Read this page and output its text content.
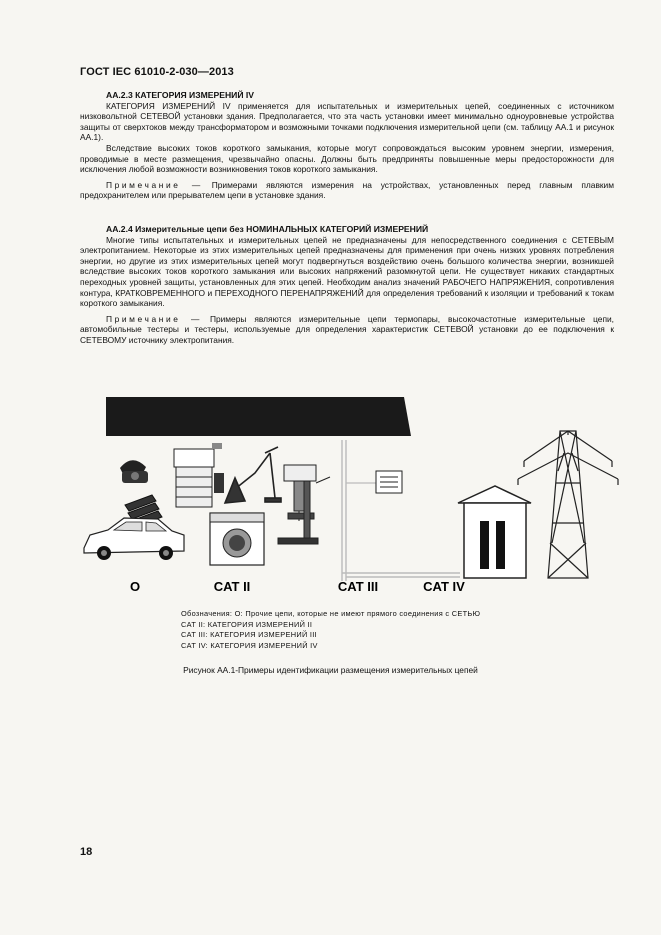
ГОСТ IEC 61010-2-030—2013
АА.2.3 КАТЕГОРИЯ ИЗМЕРЕНИЙ IV

КАТЕГОРИЯ ИЗМЕРЕНИЙ IV применяется для испытательных и измерительных цепей, соединенных с источником низковольтной СЕТЕВОЙ установки здания. Предполагается, что эта часть установки имеет минимально одноуровневые устройства защиты от сверхтоков между трансформатором и возможными точками подключения измерительной цепи (см. таблицу АА.1 и рисунок АА.1).

Вследствие высоких токов короткого замыкания, которые могут сопровождаться высоким уровнем энергии, измерения, проводимые в месте размещения, чрезвычайно опасны. Должны быть предприняты повышенные меры предосторожности для исключения любой возможности возникновения токов короткого замыкания.

Примечание — Примерами являются измерения на устройствах, установленных перед главным плавким предохранителем или прерывателем цепи в установке здания.

АА.2.4 Измерительные цепи без НОМИНАЛЬНЫХ КАТЕГОРИЙ ИЗМЕРЕНИЙ

Многие типы испытательных и измерительных цепей не предназначены для непосредственного соединения с СЕТЕВЫМ электропитанием. Некоторые из этих измерительных цепей предназначены для применения при очень низких уровнях потребления энергии, но другие из этих измерительных цепей могут подвергнуться воздействию очень большого количества энергии, возникшей вследствие высоких токов короткого замыкания или высоких напряжений разомкнутой цепи. Не существует никаких стандартных переходных уровней защиты, установленных для этих цепей. Необходим анализ значений РАБОЧЕГО НАПРЯЖЕНИЯ, сопротивления контура, КРАТКОВРЕМЕННОГО и ПЕРЕХОДНОГО ПЕРЕНАПРЯЖЕНИЙ для определения требований к изоляции и требований к токам короткого замыкания.

Примечание — Примеры являются измерительные цепи термопары, высокочастотные измерительные цепи, автомобильные тестеры и тестеры, используемые для определения характеристик СЕТЕВОЙ установки до ее подключения к СЕТЕВОМУ источнику электропитания.

O	CAT II	CAT III	CAT IV
Обозначения: O: Прочие цепи, которые не имеют прямого соединения с СЕТЬЮ
CAT II: КАТЕГОРИЯ ИЗМЕРЕНИЙ II
CAT III: КАТЕГОРИЯ ИЗМЕРЕНИЙ III
CAT IV: КАТЕГОРИЯ ИЗМЕРЕНИЙ IV
Рисунок АА.1-Примеры идентификации размещения измерительных цепей
18
